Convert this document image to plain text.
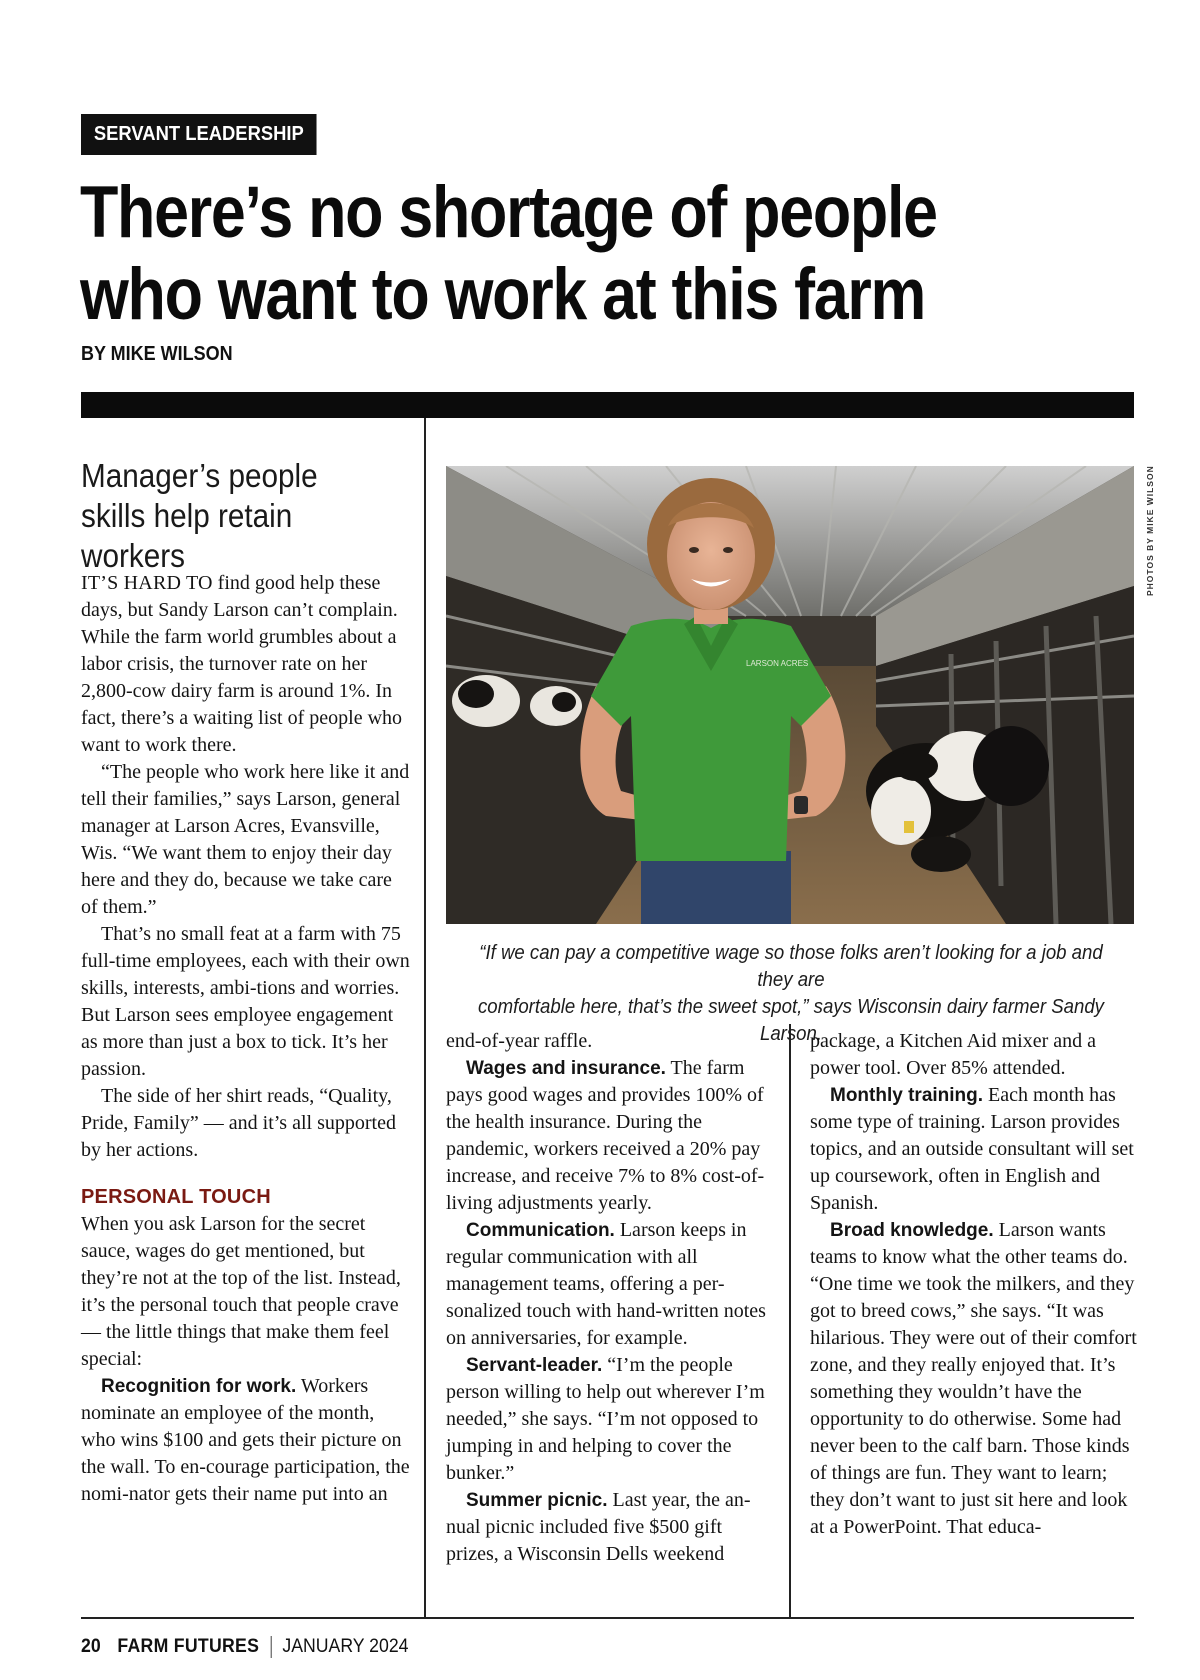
SERVANT LEADERSHIP
There’s no shortage of people
who want to work at this farm
BY MIKE WILSON
Manager’s people skills help retain workers

IT’S HARD TO find good help these days, but Sandy Larson can’t complain. While the farm world grumbles about a labor crisis, the turnover rate on her 2,800-cow dairy farm is around 1%. In fact, there’s a waiting list of people who want to work there.

“The people who work here like it and tell their families,” says Larson, general manager at Larson Acres, Evansville, Wis. “We want them to enjoy their day here and they do, because we take care of them.”

That’s no small feat at a farm with 75 full-time employees, each with their own skills, interests, ambi-tions and worries. But Larson sees employee engagement as more than just a box to tick. It’s her passion.

The side of her shirt reads, “Quality, Pride, Family” — and it’s all supported by her actions.

PERSONAL TOUCH

When you ask Larson for the secret sauce, wages do get mentioned, but they’re not at the top of the list. Instead, it’s the personal touch that people crave — the little things that make them feel special:

Recognition for work. Workers nominate an employee of the month, who wins $100 and gets their picture on the wall. To en-courage participation, the nomi-nator gets their name put into an

LARSON ACRES
PHOTOS BY MIKE WILSON
“If we can pay a competitive wage so those folks aren’t looking for a job and they are
comfortable here, that’s the sweet spot,” says Wisconsin dairy farmer Sandy Larson.

end-of-year raffle.

Wages and insurance. The farm pays good wages and provides 100% of the health insurance. During the pandemic, workers received a 20% pay increase, and receive 7% to 8% cost-of-living adjustments yearly.

Communication. Larson keeps in regular communication with all management teams, offering a per-sonalized touch with hand-written notes on anniversaries, for example.

Servant-leader. “I’m the people person willing to help out wherever I’m needed,” she says. “I’m not opposed to jumping in and helping to cover the bunker.”

Summer picnic. Last year, the an-nual picnic included five $500 gift prizes, a Wisconsin Dells weekend

package, a Kitchen Aid mixer and a power tool. Over 85% attended.

Monthly training. Each month has some type of training. Larson provides topics, and an outside consultant will set up coursework, often in English and Spanish.

Broad knowledge. Larson wants teams to know what the other teams do. “One time we took the milkers, and they got to breed cows,” she says. “It was hilarious. They were out of their comfort zone, and they really enjoyed that. It’s something they wouldn’t have the opportunity to do otherwise. Some had never been to the calf barn. Those kinds of things are fun. They want to learn; they don’t want to just sit here and look at a PowerPoint. That educa-

20 FARM FUTURES JANUARY 2024
